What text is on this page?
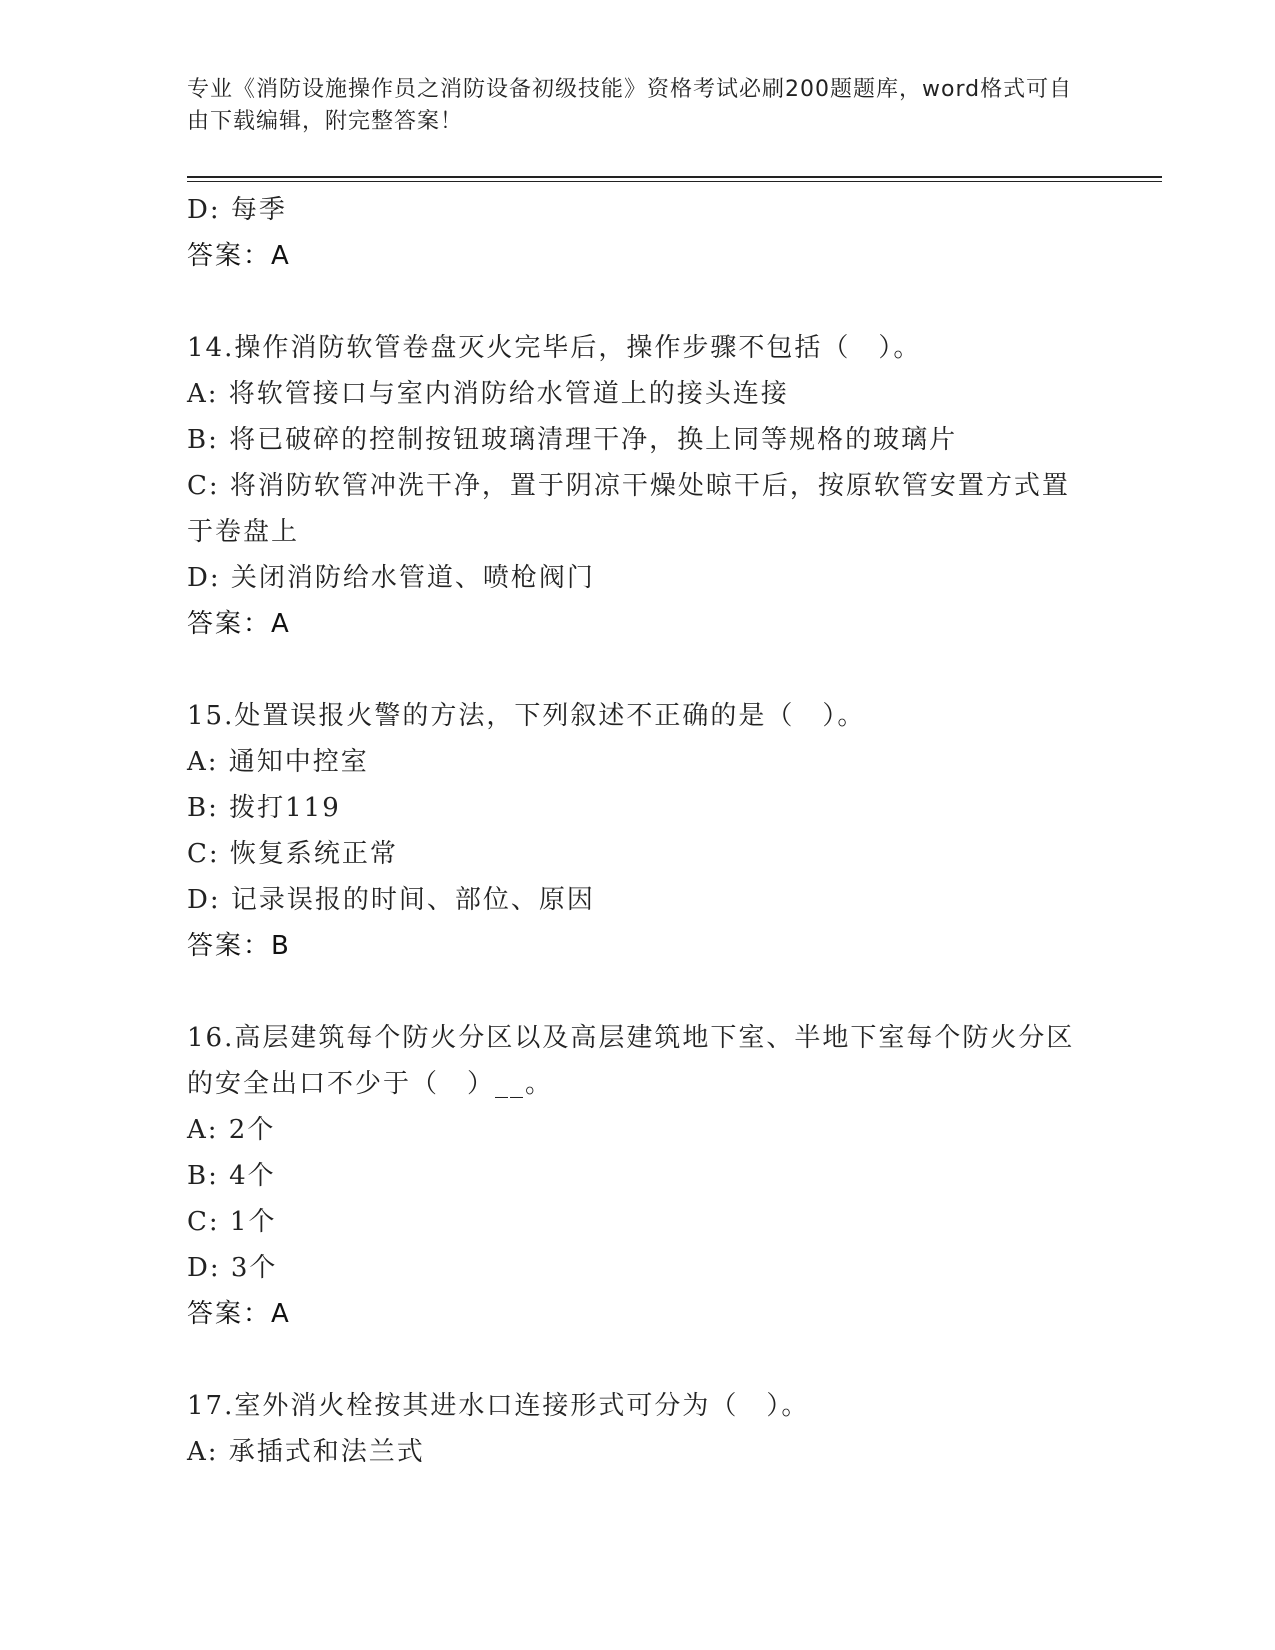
专业《消防设施操作员之消防设备初级技能》资格考试必刷200题题库，word格式可自由下载编辑，附完整答案！

D: 每季

答案：A

14.操作消防软管卷盘灭火完毕后，操作步骤不包括（　）。

A: 将软管接口与室内消防给水管道上的接头连接

B: 将已破碎的控制按钮玻璃清理干净，换上同等规格的玻璃片

C: 将消防软管冲洗干净，置于阴凉干燥处晾干后，按原软管安置方式置于卷盘上

D: 关闭消防给水管道、喷枪阀门

答案：A

15.处置误报火警的方法，下列叙述不正确的是（　）。

A: 通知中控室

B: 拨打119

C: 恢复系统正常

D: 记录误报的时间、部位、原因

答案：B

16.高层建筑每个防火分区以及高层建筑地下室、半地下室每个防火分区的安全出口不少于（　）__。

A: 2个

B: 4个

C: 1个

D: 3个

答案：A

17.室外消火栓按其进水口连接形式可分为（　）。

A: 承插式和法兰式
